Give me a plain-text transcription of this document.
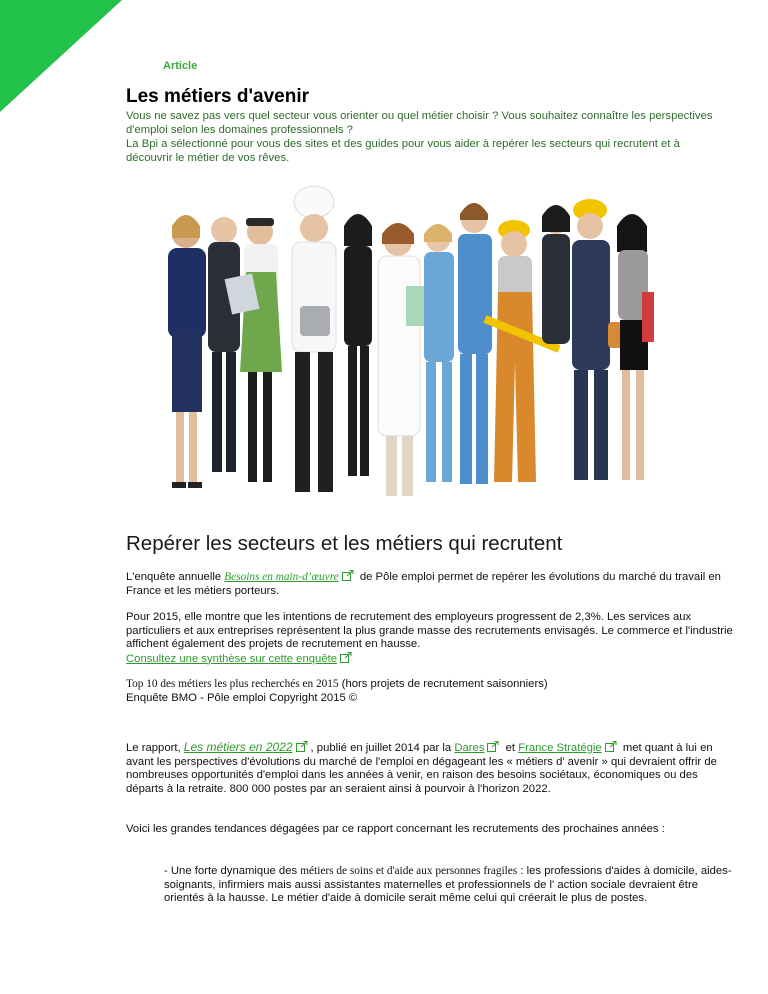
Article
Les métiers d'avenir

Vous ne savez pas vers quel secteur vous orienter ou quel métier choisir ? Vous souhaitez connaître les perspectives d'emploi selon les domaines professionnels ?

La Bpi a sélectionné pour vous des sites et des guides pour vous aider à repérer les secteurs qui recrutent et à découvrir le métier de vos rêves.

Repérer les secteurs et les métiers qui recrutent

L'enquête annuelle Besoins en main-d’œuvre de Pôle emploi permet de repérer les évolutions du marché du travail en France et les métiers porteurs.

Pour 2015, elle montre que les intentions de recrutement des employeurs progressent de 2,3%. Les services aux particuliers et aux entreprises représentent la plus grande masse des recrutements envisagés. Le commerce et l'industrie affichent également des projets de recrutement en hausse.
Consultez une synthèse sur cette enquête

Top 10 des métiers les plus recherchés en 2015 (hors projets de recrutement saisonniers)
Enquête BMO - Pôle emploi Copyright 2015 ©

Le rapport, Les métiers en 2022 , publié en juillet 2014 par la Dares et France Stratégie met quant à lui en avant les perspectives d'évolutions du marché de l'emploi en dégageant les « métiers d' avenir » qui devraient offrir de nombreuses opportunités d'emploi dans les années à venir, en raison des besoins sociétaux, économiques ou des départs à la retraite. 800 000 postes par an seraient ainsi à pourvoir à l'horizon 2022.

Voici les grandes tendances dégagées par ce rapport concernant les recrutements des prochaines années :

- Une forte dynamique des métiers de soins et d'aide aux personnes fragiles : les professions d'aides à domicile, aides-soignants, infirmiers mais aussi assistantes maternelles et professionnels de l' action sociale devraient être orientés à la hausse. Le métier d'aide à domicile serait même celui qui créerait le plus de postes.
